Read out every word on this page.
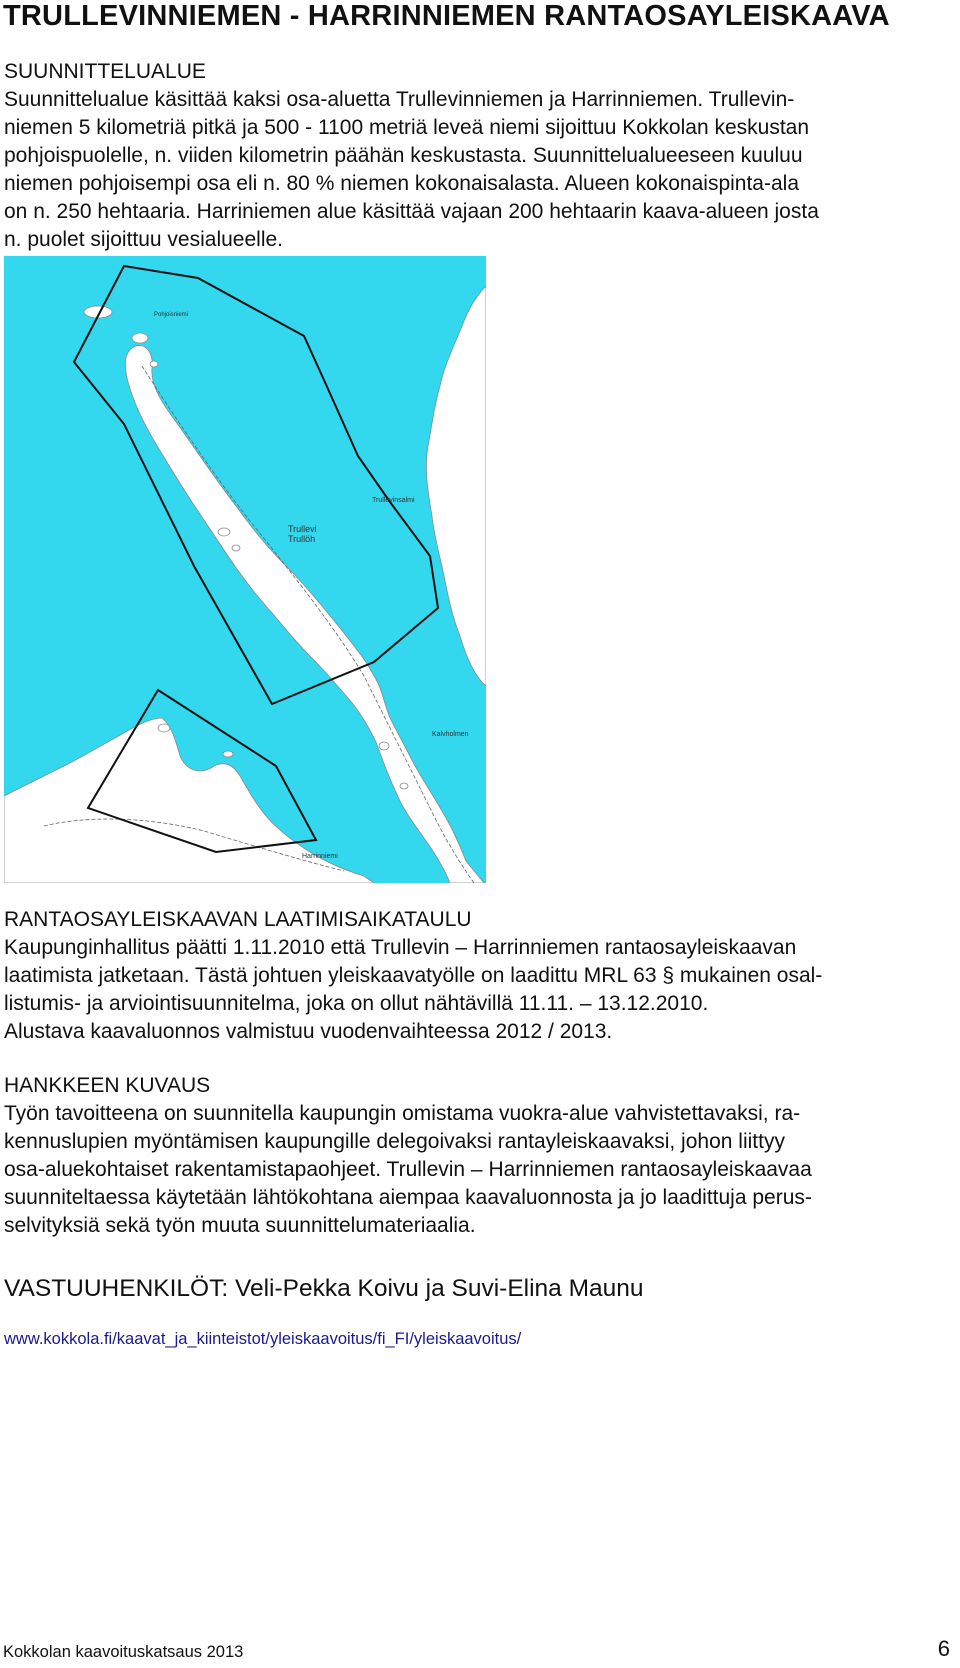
TRULLEVINNIEMEN - HARRINNIEMEN RANTAOSAYLEISKAAVA
SUUNNITTELUALUE

Suunnittelualue käsittää kaksi osa-aluetta Trullevinniemen ja Harrinniemen. Trullevin-
niemen 5 kilometriä pitkä ja 500 - 1100 metriä leveä niemi sijoittuu Kokkolan keskustan
pohjoispuolelle, n. viiden kilometrin päähän keskustasta. Suunnittelualueeseen kuuluu
niemen pohjoisempi osa eli n. 80 % niemen kokonaisalasta. Alueen kokonaispinta-ala
on n. 250 hehtaaria. Harriniemen alue käsittää vajaan 200 hehtaarin kaava-alueen josta
n. puolet sijoittuu vesialueelle.

Trullevi
Trullöh
Trullevinsalmi
Kalvholmen
Harrinniemi
Pohjoisniemi
RANTAOSAYLEISKAAVAN LAATIMISAIKATAULU

Kaupunginhallitus päätti 1.11.2010 että Trullevin – Harrinniemen rantaosayleiskaavan
laatimista jatketaan. Tästä johtuen yleiskaavatyölle on laadittu MRL 63 § mukainen osal-
listumis- ja arviointisuunnitelma, joka on ollut nähtävillä 11.11. – 13.12.2010.
Alustava kaavaluonnos valmistuu vuodenvaihteessa 2012 / 2013.

HANKKEEN KUVAUS

Työn tavoitteena on suunnitella kaupungin omistama vuokra-alue vahvistettavaksi, ra-
kennuslupien myöntämisen kaupungille delegoivaksi rantayleiskaavaksi, johon liittyy
osa-aluekohtaiset rakentamistapaohjeet. Trullevin – Harrinniemen rantaosayleiskaavaa
suunniteltaessa käytetään lähtökohtana aiempaa kaavaluonnosta ja jo laadittuja perus-
selvityksiä sekä työn muuta suunnittelumateriaalia.

VASTUUHENKILÖT: Veli-Pekka Koivu ja Suvi-Elina Maunu
www.kokkola.fi/kaavat_ja_kiinteistot/yleiskaavoitus/fi_FI/yleiskaavoitus/
Kokkolan kaavoituskatsaus 2013	6
